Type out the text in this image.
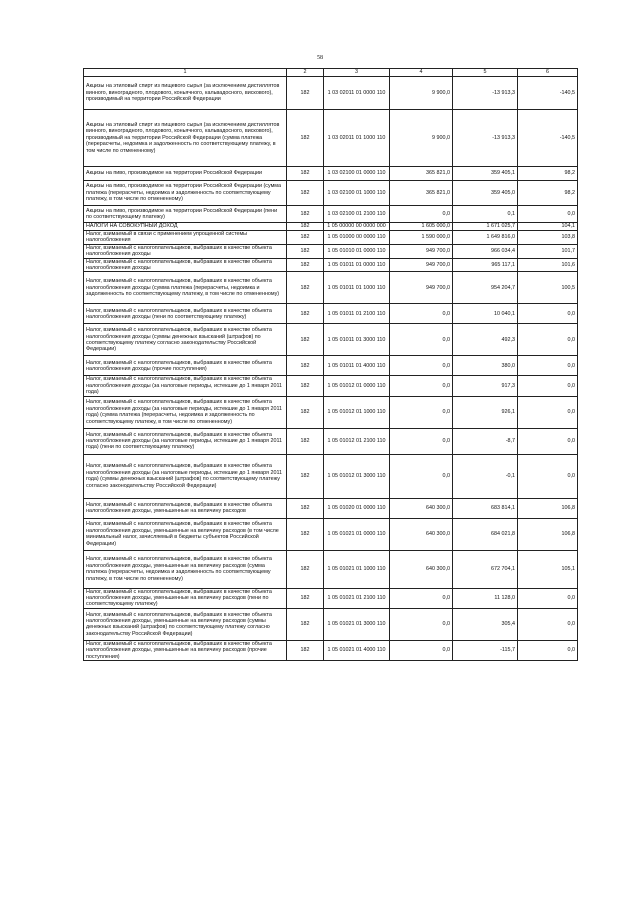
58
1	2	3	4	5	6
Акцизы на этиловый спирт из пищевого сырья (за исключением дистиллятов винного, виноградного, плодового, коньячного, кальвадосного, вискового), производимый на территории Российской Федерации	182	1 03 02011 01 0000 110	9 900,0	-13 913,3	-140,5
Акцизы на этиловый спирт из пищевого сырья (за исключением дистиллятов винного, виноградного, плодового, коньячного, кальвадосного, вискового), производимый на территории Российской Федерации (сумма платежа (перерасчеты, недоимка и задолженность по соответствующему платежу, в том числе по отмененному)	182	1 03 02011 01 1000 110	9 900,0	-13 913,3	-140,5
Акцизы на пиво, производимое на территории Российской Федерации	182	1 03 02100 01 0000 110	365 821,0	359 405,1	98,2
Акцизы на пиво, производимое на территории Российской Федерации (сумма платежа (перерасчеты, недоимка и задолженность по соответствующему платежу, в том числе по отмененному)	182	1 03 02100 01 1000 110	365 821,0	359 405,0	98,2
Акцизы на пиво, производимое на территории Российской Федерации (пени по соответствующему платежу)	182	1 03 02100 01 2100 110	0,0	0,1	0,0
НАЛОГИ НА СОВОКУПНЫЙ ДОХОД	182	1 05 00000 00 0000 000	1 605 000,0	1 671 025,7	104,1
Налог, взимаемый в связи с применением упрощенной системы налогообложения	182	1 05 01000 00 0000 110	1 590 000,0	1 649 816,0	103,8
Налог, взимаемый с налогоплательщиков, выбравших в качестве объекта налогообложения доходы	182	1 05 01010 01 0000 110	949 700,0	966 034,4	101,7
Налог, взимаемый с налогоплательщиков, выбравших в качестве объекта налогообложения доходы	182	1 05 01011 01 0000 110	949 700,0	965 117,1	101,6
Налог, взимаемый с налогоплательщиков, выбравших в качестве объекта налогообложения доходы (сумма платежа (перерасчеты, недоимка и задолженность по соответствующему платежу, в том числе по отмененному)	182	1 05 01011 01 1000 110	949 700,0	954 204,7	100,5
Налог, взимаемый с налогоплательщиков, выбравших в качестве объекта налогообложения доходы (пени по соответствующему платежу)	182	1 05 01011 01 2100 110	0,0	10 040,1	0,0
Налог, взимаемый с налогоплательщиков, выбравших в качестве объекта налогообложения доходы (суммы денежных взысканий (штрафов) по соответствующему платежу согласно законодательству Российской Федерации)	182	1 05 01011 01 3000 110	0,0	492,3	0,0
Налог, взимаемый с налогоплательщиков, выбравших в качестве объекта налогообложения доходы (прочие поступления)	182	1 05 01011 01 4000 110	0,0	380,0	0,0
Налог, взимаемый с налогоплательщиков, выбравших в качестве объекта налогообложения доходы (за налоговые периоды, истекшие до 1 января 2011 года)	182	1 05 01012 01 0000 110	0,0	917,3	0,0
Налог, взимаемый с налогоплательщиков, выбравших в качестве объекта налогообложения доходы (за налоговые периоды, истекшие до 1 января 2011 года) (сумма платежа (перерасчеты, недоимка и задолженность по соответствующему платежу, в том числе по отмененному)	182	1 05 01012 01 1000 110	0,0	926,1	0,0
Налог, взимаемый с налогоплательщиков, выбравших в качестве объекта налогообложения доходы (за налоговые периоды, истекшие до 1 января 2011 года) (пени по соответствующему платежу)	182	1 05 01012 01 2100 110	0,0	-8,7	0,0
Налог, взимаемый с налогоплательщиков, выбравших в качестве объекта налогообложения доходы (за налоговые периоды, истекшие до 1 января 2011 года) (суммы денежных взысканий (штрафов) по соответствующему платежу согласно законодательству Российской Федерации)	182	1 05 01012 01 3000 110	0,0	-0,1	0,0
Налог, взимаемый с налогоплательщиков, выбравших в качестве объекта налогообложения доходы, уменьшенные на величину расходов	182	1 05 01020 01 0000 110	640 300,0	683 814,1	106,8
Налог, взимаемый с налогоплательщиков, выбравших в качестве объекта налогообложения доходы, уменьшенные на величину расходов (в том числе минимальный налог, зачисляемый в бюджеты субъектов Российской Федерации)	182	1 05 01021 01 0000 110	640 300,0	684 021,8	106,8
Налог, взимаемый с налогоплательщиков, выбравших в качестве объекта налогообложения доходы, уменьшенные на величину расходов (сумма платежа (перерасчеты, недоимка и задолженность по соответствующему платежу, в том числе по отмененному)	182	1 05 01021 01 1000 110	640 300,0	672 704,1	105,1
Налог, взимаемый с налогоплательщиков, выбравших в качестве объекта налогообложения доходы, уменьшенные на величину расходов (пени по соответствующему платежу)	182	1 05 01021 01 2100 110	0,0	11 128,0	0,0
Налог, взимаемый с налогоплательщиков, выбравших в качестве объекта налогообложения доходы, уменьшенные на величину расходов (суммы денежных взысканий (штрафов) по соответствующему платежу согласно законодательству Российской Федерации)	182	1 05 01021 01 3000 110	0,0	305,4	0,0
Налог, взимаемый с налогоплательщиков, выбравших в качестве объекта налогообложения доходы, уменьшенные на величину расходов (прочие поступления)	182	1 05 01021 01 4000 110	0,0	-115,7	0,0
